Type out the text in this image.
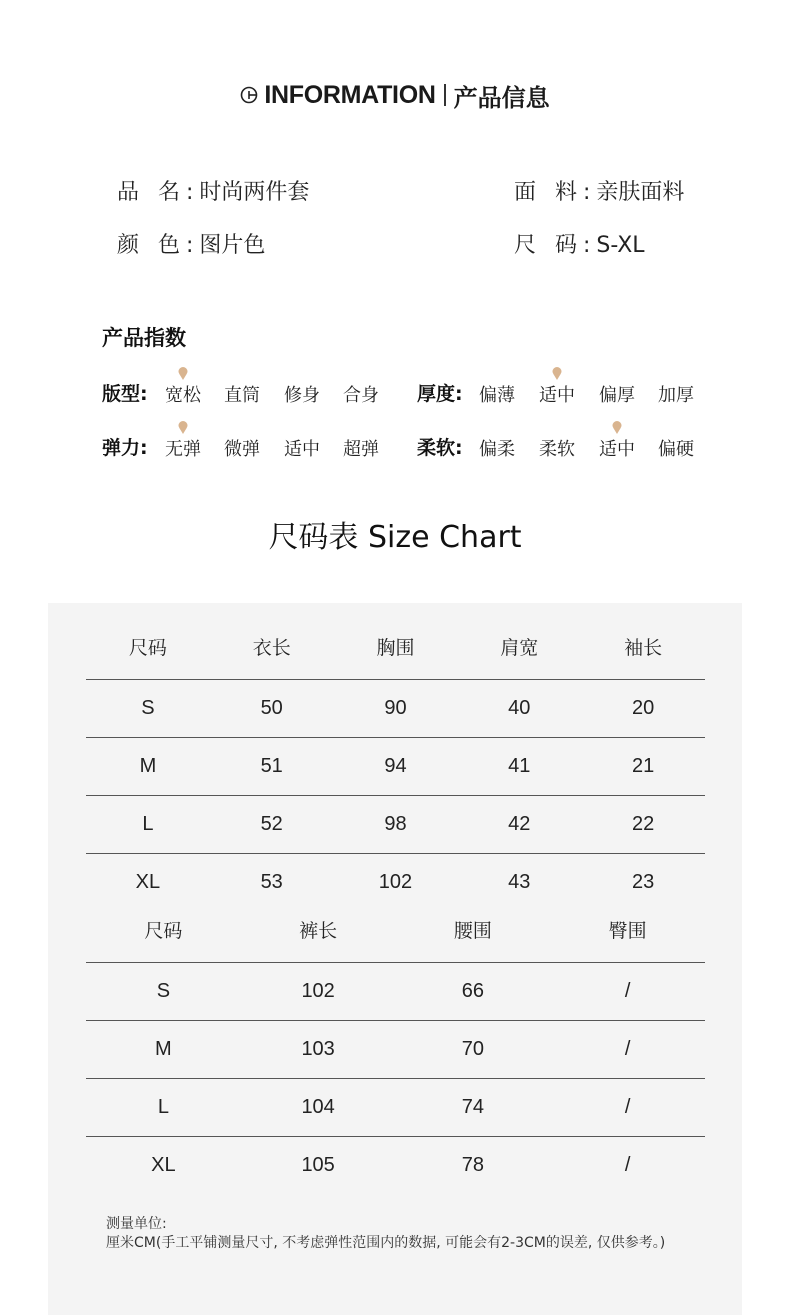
INFORMATION 产品信息
品 名:时尚两件套	面 料:亲肤面料
颜 色:图片色	尺 码:S-XL
产品指数
版型: 宽松 直筒 修身 合身 厚度: 偏薄 适中 偏厚 加厚
弹力: 无弹 微弹 适中 超弹 柔软: 偏柔 柔软 适中 偏硬
尺码表 Size Chart
尺码	衣长	胸围	肩宽	袖长
S	50	90	40	20
M	51	94	41	21
L	52	98	42	22
XL	53	102	43	23
尺码	裤长	腰围	臀围
S	102	66	/
M	103	70	/
L	104	74	/
XL	105	78	/
测量单位:
厘米CM(手工平铺测量尺寸, 不考虑弹性范围内的数据, 可能会有2-3CM的误差, 仅供参考。)
